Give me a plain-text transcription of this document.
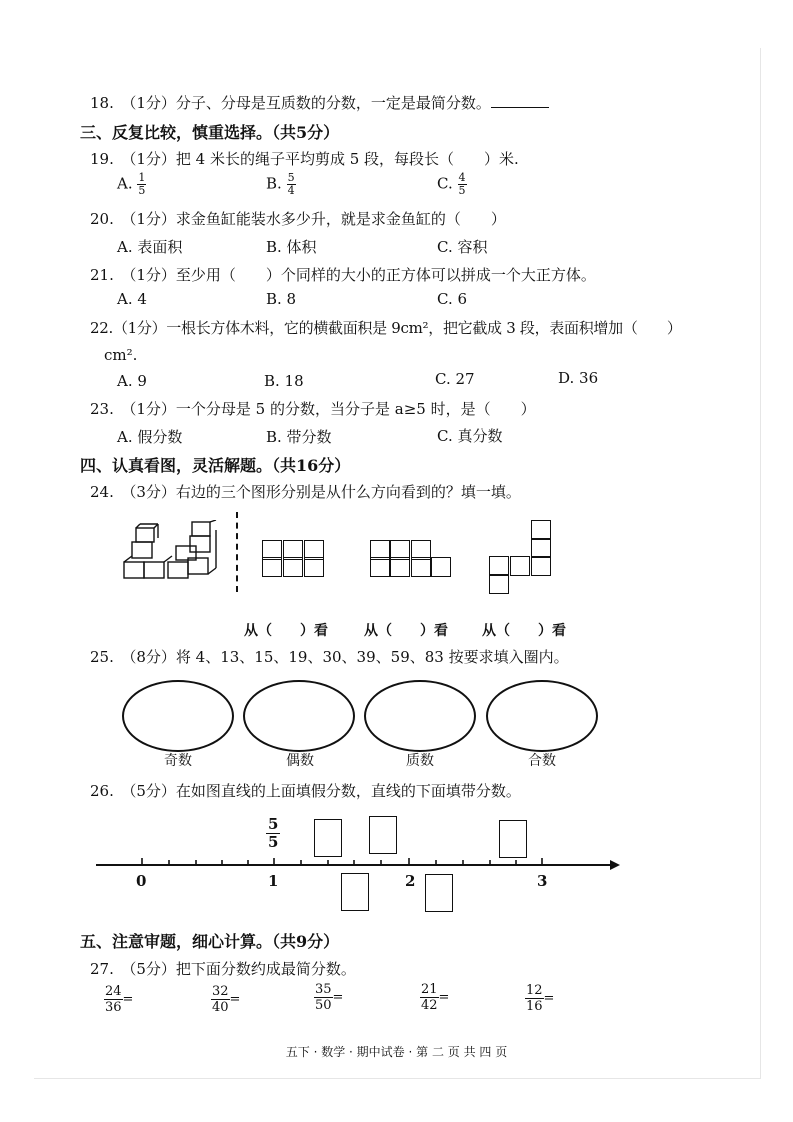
18.　（1分）分子、分母是互质数的分数，一定是最简分数。
三、反复比较，慎重选择。（共5分）
19.　（1分）把 4 米长的绳子平均剪成 5 段，每段长（　　）米.
A. $\frac{1}{5}$	B. $\frac{5}{4}$	C. $\frac{4}{5}$
20.　（1分）求金鱼缸能装水多少升，就是求金鱼缸的（　　）
A. 表面积	B. 体积	C. 容积
21.　（1分）至少用（　　）个同样的大小的正方体可以拼成一个大正方体。
A. 4	B. 8	C. 6
22.（1分）一根长方体木料，它的横截面积是 9cm²，把它截成 3 段，表面积增加（　　）
cm².
A. 9	B. 18	C. 27	D. 36
23.　（1分）一个分母是 5 的分数，当分子是 a≥5 时，是（　　）
A. 假分数	B. 带分数	C. 真分数
四、认真看图，灵活解题。（共16分）
24.　（3分）右边的三个图形分别是从什么方向看到的？填一填。
从（　　）看	从（　　）看 从（　　）看
25.　（8分）将 4、13、15、19、30、39、59、83 按要求填入圈内。
奇数	偶数	质数	合数
26.　（5分）在如图直线的上面填假分数，直线的下面填带分数。
0	1	2	3
$\frac{5}{5}$
五、注意审题，细心计算。（共9分）
27.　（5分）把下面分数约成最简分数。
$\frac{24}{36}$ =	$\frac{32}{40}$ =	$\frac{35}{50}$ =	$\frac{21}{42}$ =	$\frac{12}{16}$ =
五下 · 数学 · 期中试卷 · 第 二 页 共 四 页
